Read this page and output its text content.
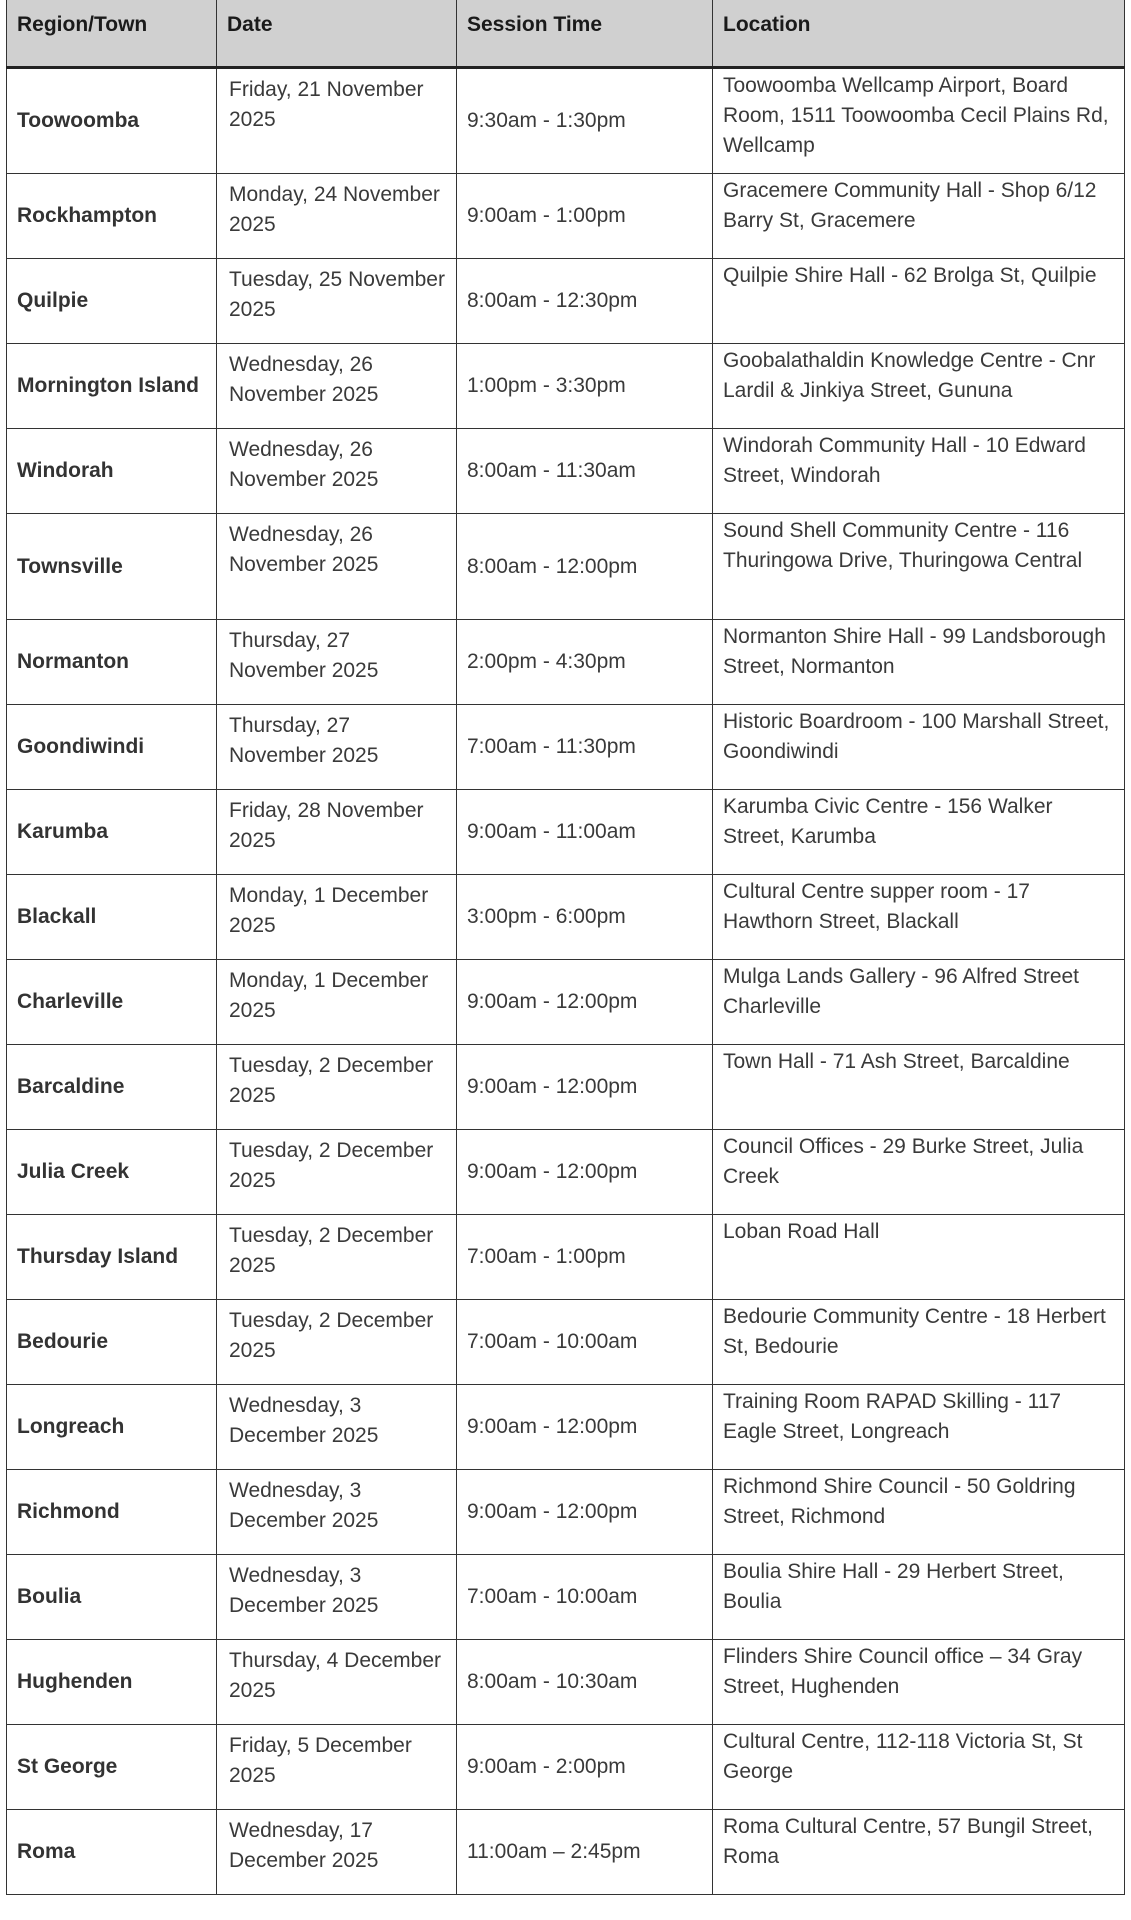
Region/Town	Date	Session Time	Location
Toowoomba	Friday, 21 November 2025	9:30am - 1:30pm	Toowoomba Wellcamp Airport, Board Room, 1511 Toowoomba Cecil Plains Rd, Wellcamp
Rockhampton	Monday, 24 November 2025	9:00am - 1:00pm	Gracemere Community Hall - Shop 6/12 Barry St, Gracemere
Quilpie	Tuesday, 25 November 2025	8:00am - 12:30pm	Quilpie Shire Hall - 62 Brolga St, Quilpie
Mornington Island	Wednesday, 26 November 2025	1:00pm - 3:30pm	Goobalathaldin Knowledge Centre - Cnr Lardil & Jinkiya Street, Gununa
Windorah	Wednesday, 26 November 2025	8:00am - 11:30am	Windorah Community Hall - 10 Edward Street, Windorah
Townsville	Wednesday, 26 November 2025	8:00am - 12:00pm	Sound Shell Community Centre - 116 Thuringowa Drive, Thuringowa Central
Normanton	Thursday, 27 November 2025	2:00pm - 4:30pm	Normanton Shire Hall - 99 Landsborough Street, Normanton
Goondiwindi	Thursday, 27 November 2025	7:00am - 11:30pm	Historic Boardroom - 100 Marshall Street, Goondiwindi
Karumba	Friday, 28 November 2025	9:00am - 11:00am	Karumba Civic Centre - 156 Walker Street, Karumba
Blackall	Monday, 1 December 2025	3:00pm - 6:00pm	Cultural Centre supper room - 17 Hawthorn Street, Blackall
Charleville	Monday, 1 December 2025	9:00am - 12:00pm	Mulga Lands Gallery - 96 Alfred Street Charleville
Barcaldine	Tuesday, 2 December 2025	9:00am - 12:00pm	Town Hall - 71 Ash Street, Barcaldine
Julia Creek	Tuesday, 2 December 2025	9:00am - 12:00pm	Council Offices - 29 Burke Street, Julia Creek
Thursday Island	Tuesday, 2 December 2025	7:00am - 1:00pm	Loban Road Hall
Bedourie	Tuesday, 2 December 2025	7:00am - 10:00am	Bedourie Community Centre - 18 Herbert St, Bedourie
Longreach	Wednesday, 3 December 2025	9:00am - 12:00pm	Training Room RAPAD Skilling - 117 Eagle Street, Longreach
Richmond	Wednesday, 3 December 2025	9:00am - 12:00pm	Richmond Shire Council - 50 Goldring Street, Richmond
Boulia	Wednesday, 3 December 2025	7:00am - 10:00am	Boulia Shire Hall - 29 Herbert Street, Boulia
Hughenden	Thursday, 4 December 2025	8:00am - 10:30am	Flinders Shire Council office – 34 Gray Street, Hughenden
St George	Friday, 5 December 2025	9:00am - 2:00pm	Cultural Centre, 112-118 Victoria St, St George
Roma	Wednesday, 17 December 2025	11:00am – 2:45pm	Roma Cultural Centre, 57 Bungil Street, Roma
